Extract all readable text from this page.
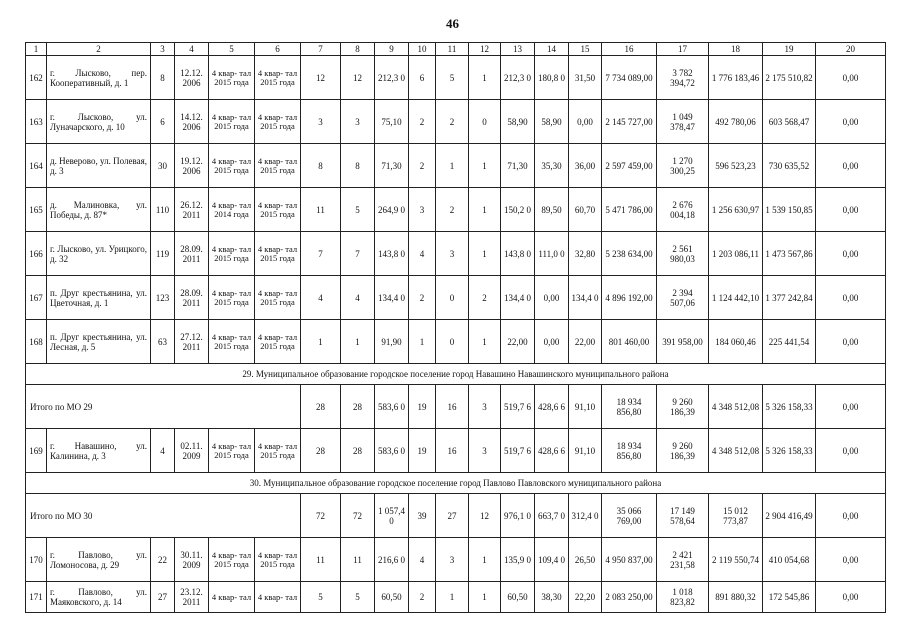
46
1	2	3	4	5	6	7	8	9	10	11	12	13	14	15	16	17	18	19	20
162	г. Лысково, пер. Кооперативный, д. 1	8	12.12. 2006	4 квар- тал 2015 года	4 квар- тал 2015 года	12	12	212,3 0	6	5	1	212,3 0	180,8 0	31,50	7 734 089,00	3 782 394,72	1 776 183,46	2 175 510,82	0,00
163	г. Лысково, ул. Луначарского, д. 10	6	14.12. 2006	4 квар- тал 2015 года	4 квар- тал 2015 года	3	3	75,10	2	2	0	58,90	58,90	0,00	2 145 727,00	1 049 378,47	492 780,06	603 568,47	0,00
164	д. Неверово, ул. Полевая, д. 3	30	19.12. 2006	4 квар- тал 2015 года	4 квар- тал 2015 года	8	8	71,30	2	1	1	71,30	35,30	36,00	2 597 459,00	1 270 300,25	596 523,23	730 635,52	0,00
165	д. Малиновка, ул. Победы, д. 87*	110	26.12. 2011	4 квар- тал 2014 года	4 квар- тал 2015 года	11	5	264,9 0	3	2	1	150,2 0	89,50	60,70	5 471 786,00	2 676 004,18	1 256 630,97	1 539 150,85	0,00
166	г. Лысково, ул. Урицкого, д. 32	119	28.09. 2011	4 квар- тал 2015 года	4 квар- тал 2015 года	7	7	143,8 0	4	3	1	143,8 0	111,0 0	32,80	5 238 634,00	2 561 980,03	1 203 086,11	1 473 567,86	0,00
167	п. Друг крестьянина, ул. Цветочная, д. 1	123	28.09. 2011	4 квар- тал 2015 года	4 квар- тал 2015 года	4	4	134,4 0	2	0	2	134,4 0	0,00	134,4 0	4 896 192,00	2 394 507,06	1 124 442,10	1 377 242,84	0,00
168	п. Друг крестьянина, ул. Лесная, д. 5	63	27.12. 2011	4 квар- тал 2015 года	4 квар- тал 2015 года	1	1	91,90	1	0	1	22,00	0,00	22,00	801 460,00	391 958,00	184 060,46	225 441,54	0,00
29. Муниципальное образование городское поселение город Навашино Навашинского муниципального района																			
Итого по МО 29						28	28	583,6 0	19	16	3	519,7 6	428,6 6	91,10	18 934 856,80	9 260 186,39	4 348 512,08	5 326 158,33	0,00
169	г. Навашино, ул. Калинина, д. 3	4	02.11. 2009	4 квар- тал 2015 года	4 квар- тал 2015 года	28	28	583,6 0	19	16	3	519,7 6	428,6 6	91,10	18 934 856,80	9 260 186,39	4 348 512,08	5 326 158,33	0,00
30. Муниципальное образование городское поселение город Павлово Павловского муниципального района																			
Итого по МО 30						72	72	1 057,4 0	39	27	12	976,1 0	663,7 0	312,4 0	35 066 769,00	17 149 578,64	15 012 773,87	2 904 416,49	0,00
170	г. Павлово, ул. Ломоносова, д. 29	22	30.11. 2009	4 квар- тал 2015 года	4 квар- тал 2015 года	11	11	216,6 0	4	3	1	135,9 0	109,4 0	26,50	4 950 837,00	2 421 231,58	2 119 550,74	410 054,68	0,00
171	г. Павлово, ул. Маяковского, д. 14	27	23.12. 2011	4 квар- тал	4 квар- тал	5	5	60,50	2	1	1	60,50	38,30	22,20	2 083 250,00	1 018 823,82	891 880,32	172 545,86	0,00
